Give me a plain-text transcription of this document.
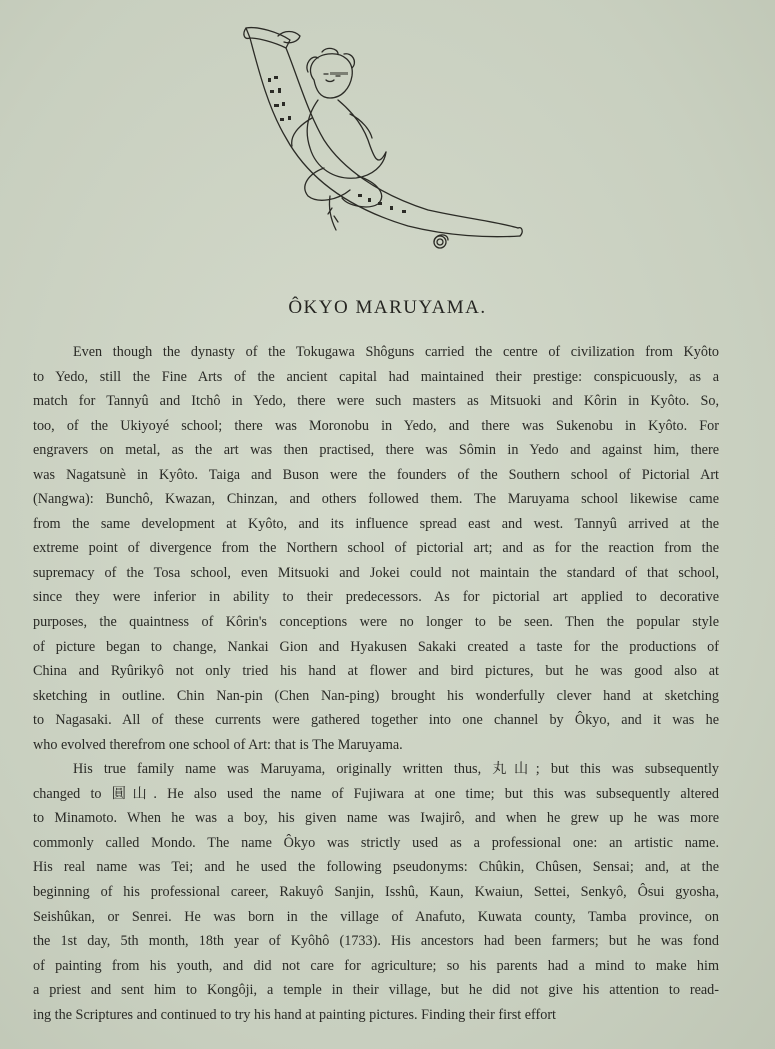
ÔKYO MARUYAMA.
Even though the dynasty of the Tokugawa Shôguns carried the centre of civilization from Kyôto
to Yedo, still the Fine Arts of the ancient capital had maintained their prestige: conspicuously, as a
match for Tannyû and Itchô in Yedo, there were such masters as Mitsuoki and Kôrin in Kyôto. So,
too, of the Ukiyoyé school; there was Moronobu in Yedo, and there was Sukenobu in Kyôto. For
engravers on metal, as the art was then practised, there was Sômin in Yedo and against him, there
was Nagatsunè in Kyôto. Taiga and Buson were the founders of the Southern school of Pictorial Art
(Nangwa): Bunchô, Kwazan, Chinzan, and others followed them. The Maruyama school likewise came
from the same development at Kyôto, and its influence spread east and west. Tannyû arrived at the
extreme point of divergence from the Northern school of pictorial art; and as for the reaction from the
supremacy of the Tosa school, even Mitsuoki and Jokei could not maintain the standard of that school,
since they were inferior in ability to their predecessors. As for pictorial art applied to decorative
purposes, the quaintness of Kôrin's conceptions were no longer to be seen. Then the popular style
of picture began to change, Nankai Gion and Hyakusen Sakaki created a taste for the productions of
China and Ryûrikyô not only tried his hand at flower and bird pictures, but he was good also at
sketching in outline. Chin Nan-pin (Chen Nan-ping) brought his wonderfully clever hand at sketching
to Nagasaki. All of these currents were gathered together into one channel by Ôkyo, and it was he
who evolved therefrom one school of Art: that is The Maruyama.
His true family name was Maruyama, originally written thus, 丸山; but this was subsequently
changed to 圓山. He also used the name of Fujiwara at one time; but this was subsequently altered
to Minamoto. When he was a boy, his given name was Iwajirô, and when he grew up he was more
commonly called Mondo. The name Ôkyo was strictly used as a professional one: an artistic name.
His real name was Tei; and he used the following pseudonyms: Chûkin, Chûsen, Sensai; and, at the
beginning of his professional career, Rakuyô Sanjin, Isshû, Kaun, Kwaiun, Settei, Senkyô, Ôsui gyosha,
Seishûkan, or Senrei. He was born in the village of Anafuto, Kuwata county, Tamba province, on
the 1st day, 5th month, 18th year of Kyôhô (1733). His ancestors had been farmers; but he was fond
of painting from his youth, and did not care for agriculture; so his parents had a mind to make him
a priest and sent him to Kongôji, a temple in their village, but he did not give his attention to read-
ing the Scriptures and continued to try his hand at painting pictures. Finding their first effort
